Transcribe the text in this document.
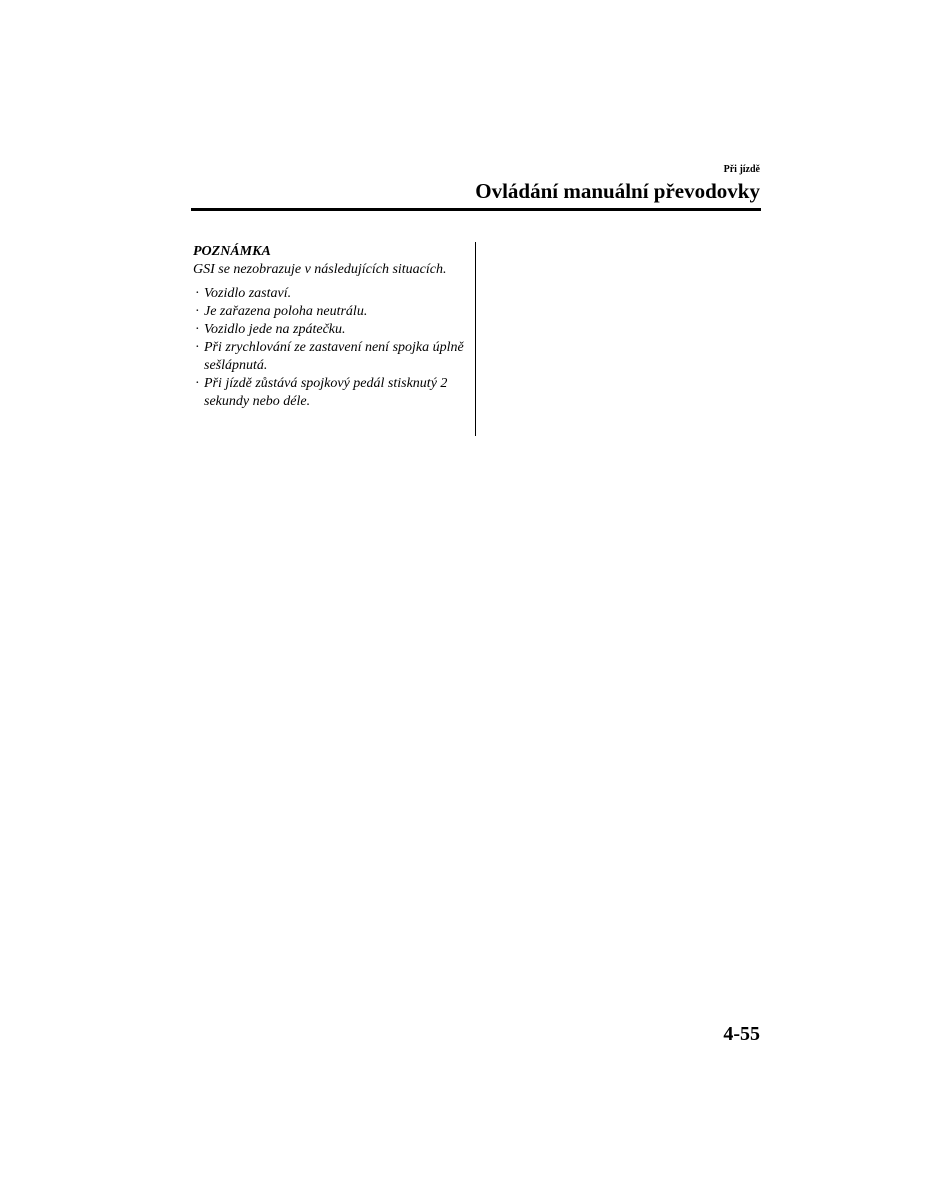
Při jízdě
Ovládání manuální převodovky

POZNÁMKA

GSI se nezobrazuje v následujících situacích.

· Vozidlo zastaví.
· Je zařazena poloha neutrálu.
· Vozidlo jede na zpátečku.
· Při zrychlování ze zastavení není spojka úplně sešlápnutá.
· Při jízdě zůstává spojkový pedál stisknutý 2 sekundy nebo déle.
4-55
